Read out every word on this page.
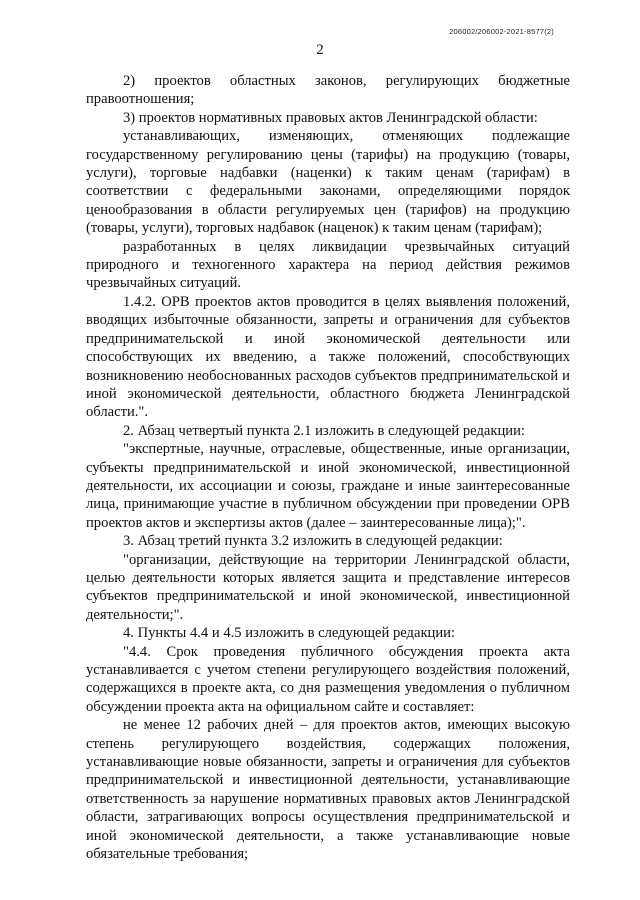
206002/206002-2021-8577(2)
2

2) проектов областных законов, регулирующих бюджетные правоотношения;

3) проектов нормативных правовых актов Ленинградской области:

устанавливающих, изменяющих, отменяющих подлежащие государственному регулированию цены (тарифы) на продукцию (товары, услуги), торговые надбавки (наценки) к таким ценам (тарифам) в соответствии с федеральными законами, определяющими порядок ценообразования в области регулируемых цен (тарифов) на продукцию (товары, услуги), торговых надбавок (наценок) к таким ценам (тарифам);

разработанных в целях ликвидации чрезвычайных ситуаций природного и техногенного характера на период действия режимов чрезвычайных ситуаций.

1.4.2. ОРВ проектов актов проводится в целях выявления положений, вводящих избыточные обязанности, запреты и ограничения для субъектов предпринимательской и иной экономической деятельности или способствующих их введению, а также положений, способствующих возникновению необоснованных расходов субъектов предпринимательской и иной экономической деятельности, областного бюджета Ленинградской области.".

2. Абзац четвертый пункта 2.1 изложить в следующей редакции:

"экспертные, научные, отраслевые, общественные, иные организации, субъекты предпринимательской и иной экономической, инвестиционной деятельности, их ассоциации и союзы, граждане и иные заинтересованные лица, принимающие участие в публичном обсуждении при проведении ОРВ проектов актов и экспертизы актов (далее – заинтересованные лица);".

3. Абзац третий пункта 3.2 изложить в следующей редакции:

"организации, действующие на территории Ленинградской области, целью деятельности которых является защита и представление интересов субъектов предпринимательской и иной экономической, инвестиционной деятельности;".

4. Пункты 4.4 и 4.5 изложить в следующей редакции:

"4.4. Срок проведения публичного обсуждения проекта акта устанавливается с учетом степени регулирующего воздействия положений, содержащихся в проекте акта, со дня размещения уведомления о публичном обсуждении проекта акта на официальном сайте и составляет:

не менее 12 рабочих дней – для проектов актов, имеющих высокую степень регулирующего воздействия, содержащих положения, устанавливающие новые обязанности, запреты и ограничения для субъектов предпринимательской и инвестиционной деятельности, устанавливающие ответственность за нарушение нормативных правовых актов Ленинградской области, затрагивающих вопросы осуществления предпринимательской и иной экономической деятельности, а также устанавливающие новые обязательные требования;
